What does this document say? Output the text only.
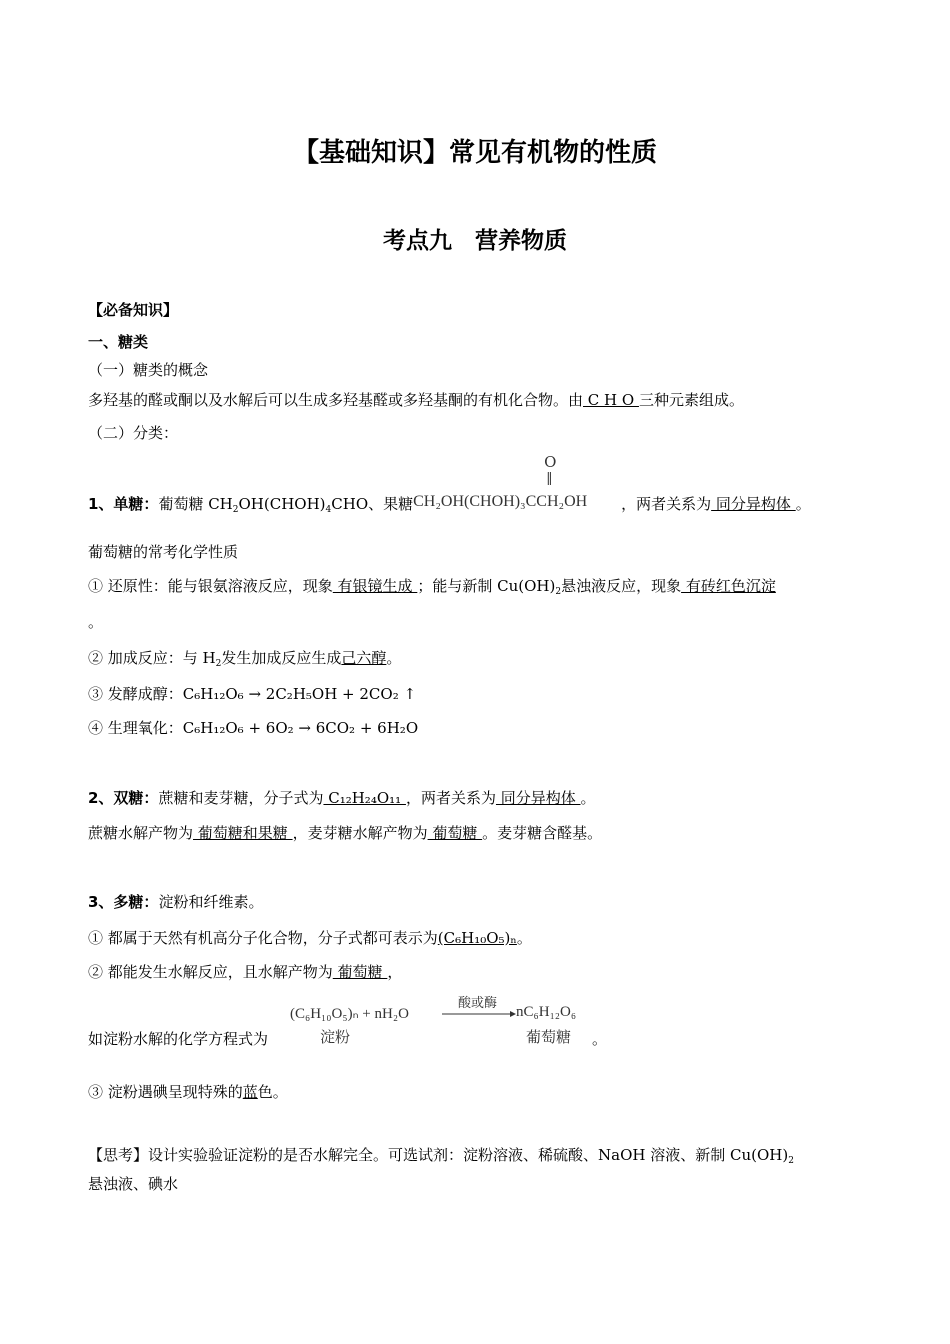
【基础知识】常见有机物的性质
考点九　营养物质
【必备知识】
一、糖类
（一）糖类的概念
多羟基的醛或酮以及水解后可以生成多羟基醛或多羟基酮的有机化合物。由 C H O 三种元素组成。
（二）分类：
1、单糖：葡萄糖 $CH_2OH(CHOH)_4CHO$、果糖
O
‖
CH₂OH(CHOH)₃CCH₂OH ，两者关系为 同分异构体 。
葡萄糖的常考化学性质
① 还原性：能与银氨溶液反应，现象 有银镜生成 ；能与新制 $Cu(OH)_2$悬浊液反应，现象 有砖红色沉淀
。
② 加成反应：与 $H_2$发生加成反应生成己六醇。
③ 发酵成醇：C₆H₁₂O₆ → 2C₂H₅OH + 2CO₂ ↑
④ 生理氧化：C₆H₁₂O₆ + 6O₂ → 6CO₂ + 6H₂O
2、双糖：蔗糖和麦芽糖，分子式为 C₁₂H₂₄O₁₁ ，两者关系为 同分异构体 。
蔗糖水解产物为 葡萄糖和果糖 ，麦芽糖水解产物为 葡萄糖 。麦芽糖含醛基。
3、多糖：淀粉和纤维素。
① 都属于天然有机高分子化合物，分子式都可表示为(C₆H₁₀O₅)ₙ。
② 都能发生水解反应，且水解产物为 葡萄糖 ，
如淀粉水解的化学方程式为
(C₆H₁₀O₅)ₙ + nH₂O
酸或酶
nC₆H₁₂O₆
淀粉	葡萄糖 。
③ 淀粉遇碘呈现特殊的蓝色。
【思考】设计实验验证淀粉的是否水解完全。可选试剂：淀粉溶液、稀硫酸、NaOH 溶液、新制 $Cu(OH)_2$
悬浊液、碘水
